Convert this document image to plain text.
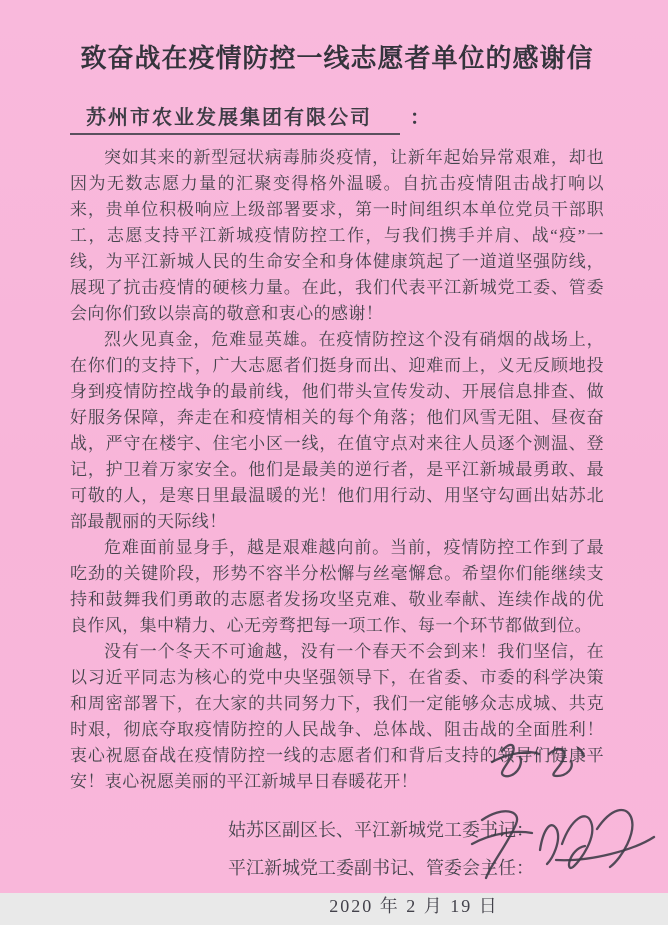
致奋战在疫情防控一线志愿者单位的感谢信
苏州市农业发展集团有限公司 ：

突如其来的新型冠状病毒肺炎疫情，让新年起始异常艰难，却也因为无数志愿力量的汇聚变得格外温暖。自抗击疫情阻击战打响以来，贵单位积极响应上级部署要求，第一时间组织本单位党员干部职工，志愿支持平江新城疫情防控工作，与我们携手并肩、战“疫”一线，为平江新城人民的生命安全和身体健康筑起了一道道坚强防线，展现了抗击疫情的硬核力量。在此，我们代表平江新城党工委、管委会向你们致以崇高的敬意和衷心的感谢！

烈火见真金，危难显英雄。在疫情防控这个没有硝烟的战场上，在你们的支持下，广大志愿者们挺身而出、迎难而上，义无反顾地投身到疫情防控战争的最前线，他们带头宣传发动、开展信息排查、做好服务保障，奔走在和疫情相关的每个角落；他们风雪无阻、昼夜奋战，严守在楼宇、住宅小区一线，在值守点对来往人员逐个测温、登记，护卫着万家安全。他们是最美的逆行者，是平江新城最勇敢、最可敬的人，是寒日里最温暖的光！他们用行动、用坚守勾画出姑苏北部最靓丽的天际线！

危难面前显身手，越是艰难越向前。当前，疫情防控工作到了最吃劲的关键阶段，形势不容半分松懈与丝毫懈怠。希望你们能继续支持和鼓舞我们勇敢的志愿者发扬攻坚克难、敬业奉献、连续作战的优良作风，集中精力、心无旁骛把每一项工作、每一个环节都做到位。

没有一个冬天不可逾越，没有一个春天不会到来！我们坚信，在以习近平同志为核心的党中央坚强领导下，在省委、市委的科学决策和周密部署下，在大家的共同努力下，我们一定能够众志成城、共克时艰，彻底夺取疫情防控的人民战争、总体战、阻击战的全面胜利！衷心祝愿奋战在疫情防控一线的志愿者们和背后支持的领导们健康平安！衷心祝愿美丽的平江新城早日春暖花开！

姑苏区副区长、平江新城党工委书记：
平江新城党工委副书记、管委会主任：
2020 年 2 月 19 日
